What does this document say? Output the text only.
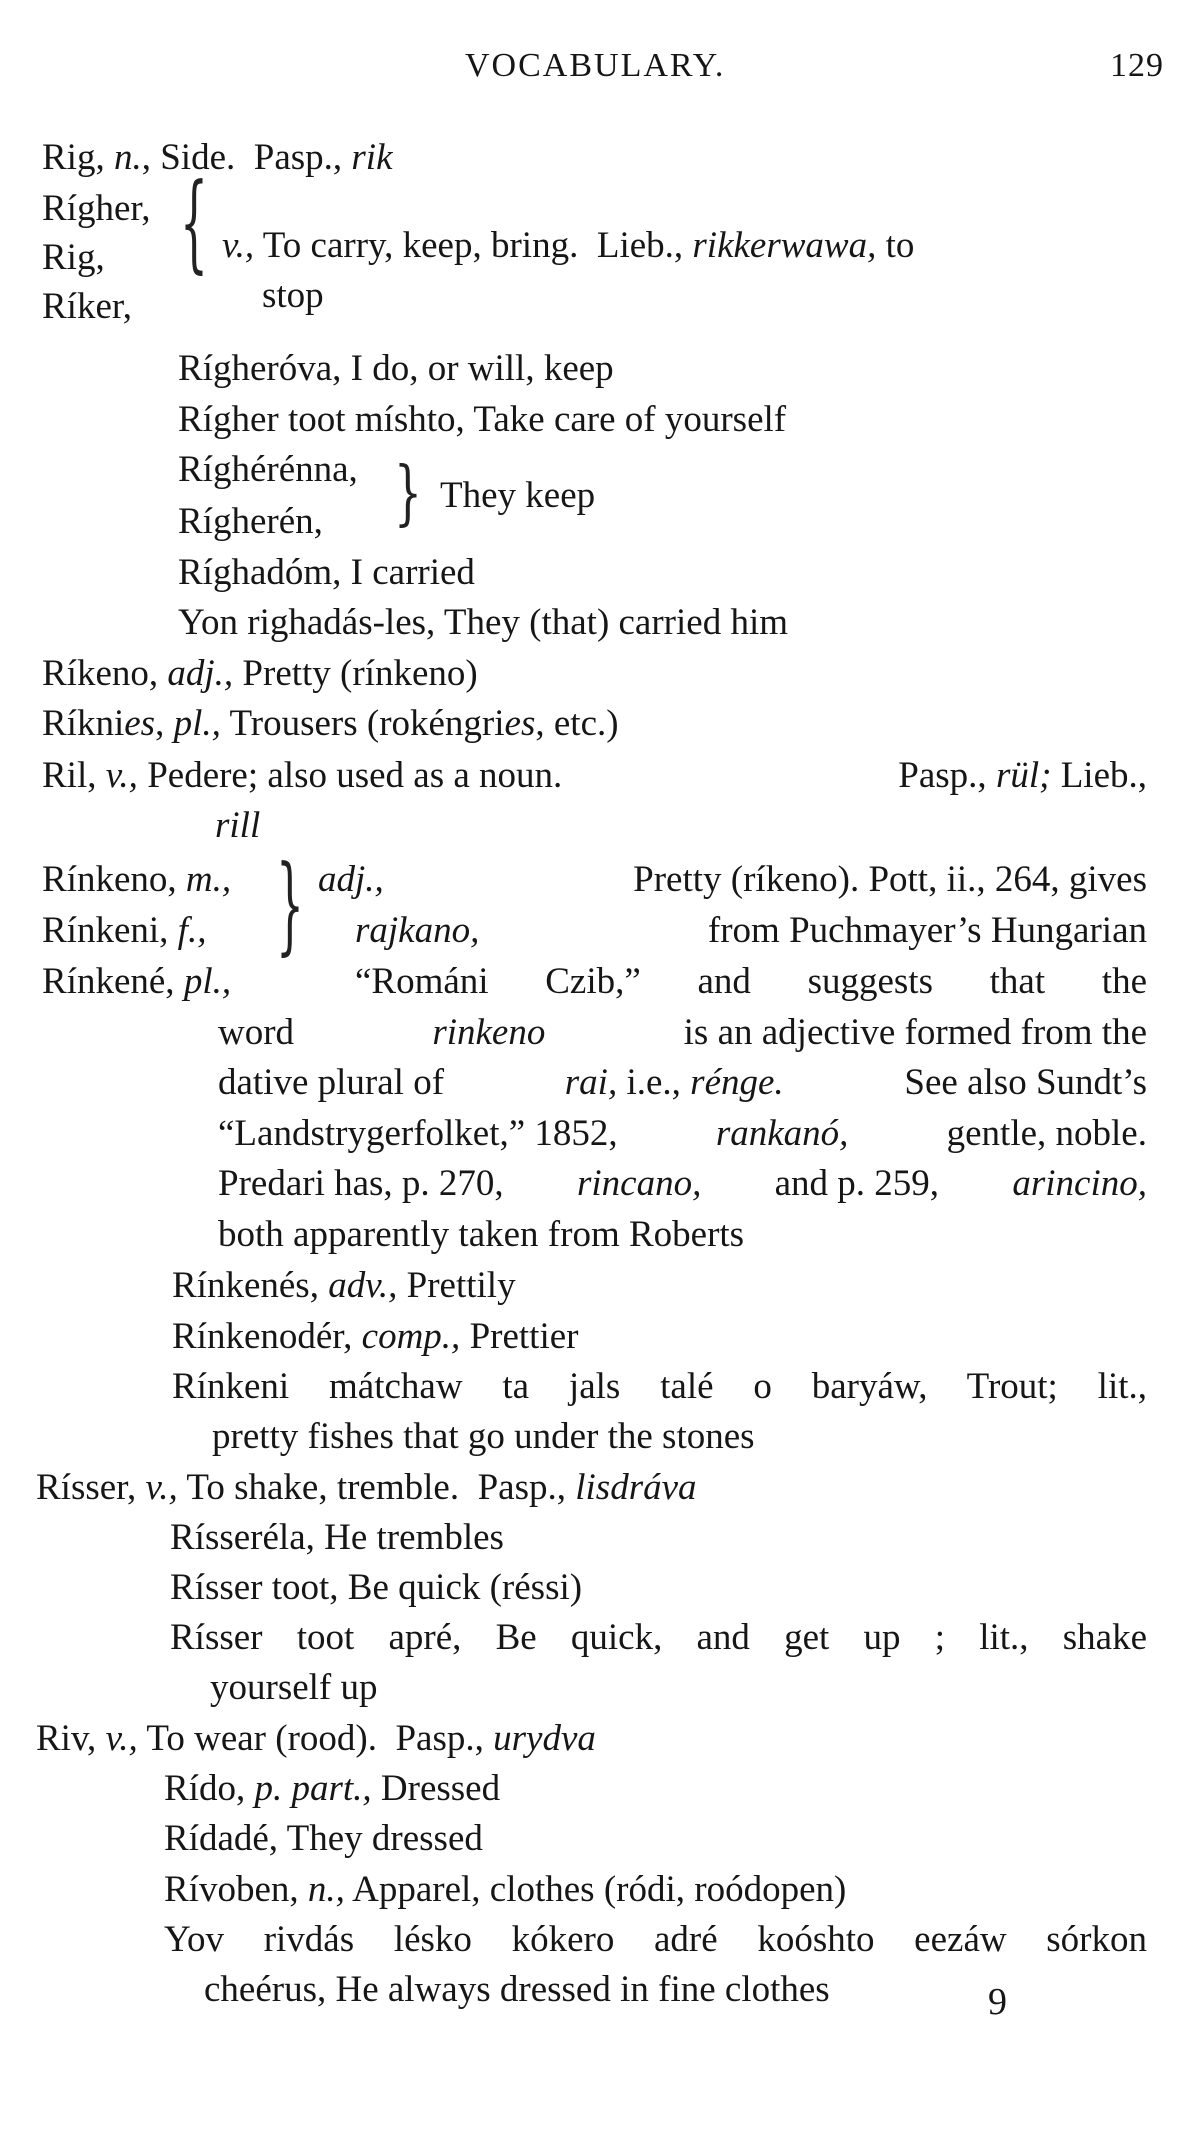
VOCABULARY.	129
Rig, n., Side. Pasp., rik
Rígher,
Rig,
Ríker,
{ v., To carry, keep, bring. Lieb., rikkerwawa, to
stop
Rígheróva, I do, or will, keep
Rígher toot míshto, Take care of yourself
Ríghérénna,
Rígherén, } They keep
Ríghadóm, I carried
Yon righadás-les, They (that) carried him
Ríkeno, adj., Pretty (rínkeno)
Ríknies, pl., Trousers (rokéngries, etc.)
Ril, v., Pedere; also used as a noun.	Pasp., rül; Lieb.,
rill
Rínkeno, m.,
Rínkeni, f.,
Rínkené, pl.,
} adj.,	Pretty (ríkeno). Pott, ii., 264, gives
rajkano,	from Puchmayer’s Hungarian
“Románi Czib,” and suggests that the
word	rinkeno	is an adjective formed from the
dative plural of	rai, i.e., rénge.	See also Sundt’s
“Landstrygerfolket,” 1852,	rankanó,	gentle, noble.
Predari has, p. 270, rincano, and p. 259, arincino,
both apparently taken from Roberts
Rínkenés, adv., Prettily
Rínkenodér, comp., Prettier
Rínkeni mátchaw ta jals talé o baryáw, Trout; lit.,
pretty fishes that go under the stones
Rísser, v., To shake, tremble. Pasp., lisdráva
Rísseréla, He trembles
Rísser toot, Be quick (réssi)
Rísser toot apré, Be quick, and get up ; lit., shake
yourself up
Riv, v., To wear (rood). Pasp., urydva
Rído, p. part., Dressed
Rídadé, They dressed
Rívoben, n., Apparel, clothes (ródi, roódopen)
Yov rivdás lésko kókero adré koóshto eezáw sórkon
cheérus, He always dressed in fine clothes	9
